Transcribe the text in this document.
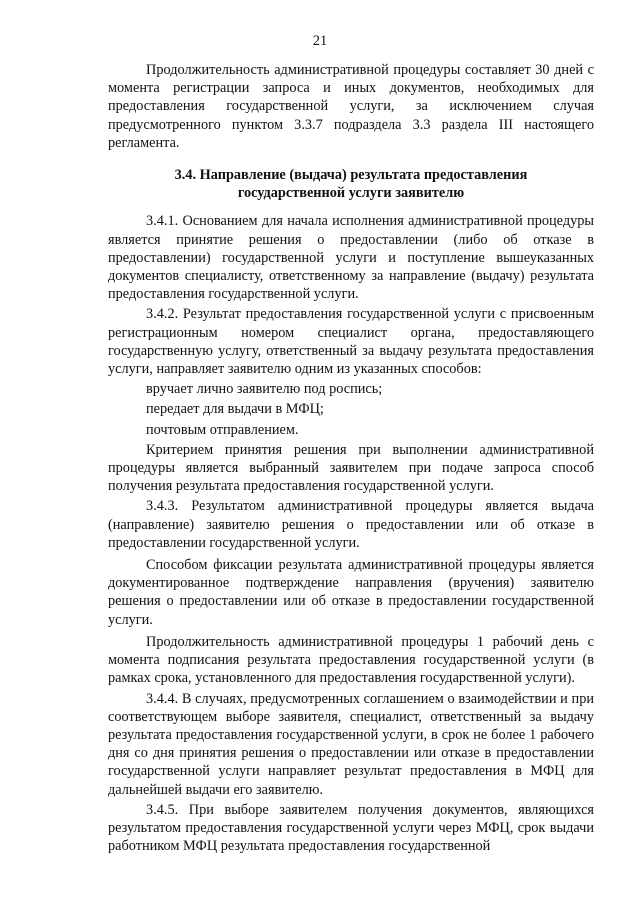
21

Продолжительность административной процедуры составляет 30 дней с момента регистрации запроса и иных документов, необходимых для предоставления государственной услуги, за исключением случая предусмотренного пунктом 3.3.7 подраздела 3.3 раздела III настоящего регламента.

3.4. Направление (выдача) результата предоставления
государственной услуги заявителю

3.4.1. Основанием для начала исполнения административной процедуры является принятие решения о предоставлении (либо об отказе в предоставлении) государственной услуги и поступление вышеуказанных документов специалисту, ответственному за направление (выдачу) результата предоставления государственной услуги.

3.4.2. Результат предоставления государственной услуги с присвоенным регистрационным номером специалист органа, предоставляющего государственную услугу, ответственный за выдачу результата предоставления услуги, направляет заявителю одним из указанных способов:

вручает лично заявителю под роспись;

передает для выдачи в МФЦ;

почтовым отправлением.

Критерием принятия решения при выполнении административной процедуры является выбранный заявителем при подаче запроса способ получения результата предоставления государственной услуги.

3.4.3. Результатом административной процедуры является выдача (направление) заявителю решения о предоставлении или об отказе в предоставлении государственной услуги.

Способом фиксации результата административной процедуры является документированное подтверждение направления (вручения) заявителю решения о предоставлении или об отказе в предоставлении государственной услуги.

Продолжительность административной процедуры 1 рабочий день с момента подписания результата предоставления государственной услуги (в рамках срока, установленного для предоставления государственной услуги).

3.4.4. В случаях, предусмотренных соглашением о взаимодействии и при соответствующем выборе заявителя, специалист, ответственный за выдачу результата предоставления государственной услуги, в срок не более 1 рабочего дня со дня принятия решения о предоставлении или отказе в предоставлении государственной услуги направляет результат предоставления в МФЦ для дальнейшей выдачи его заявителю.

3.4.5. При выборе заявителем получения документов, являющихся результатом предоставления государственной услуги через МФЦ, срок выдачи работником МФЦ результата предоставления государственной
